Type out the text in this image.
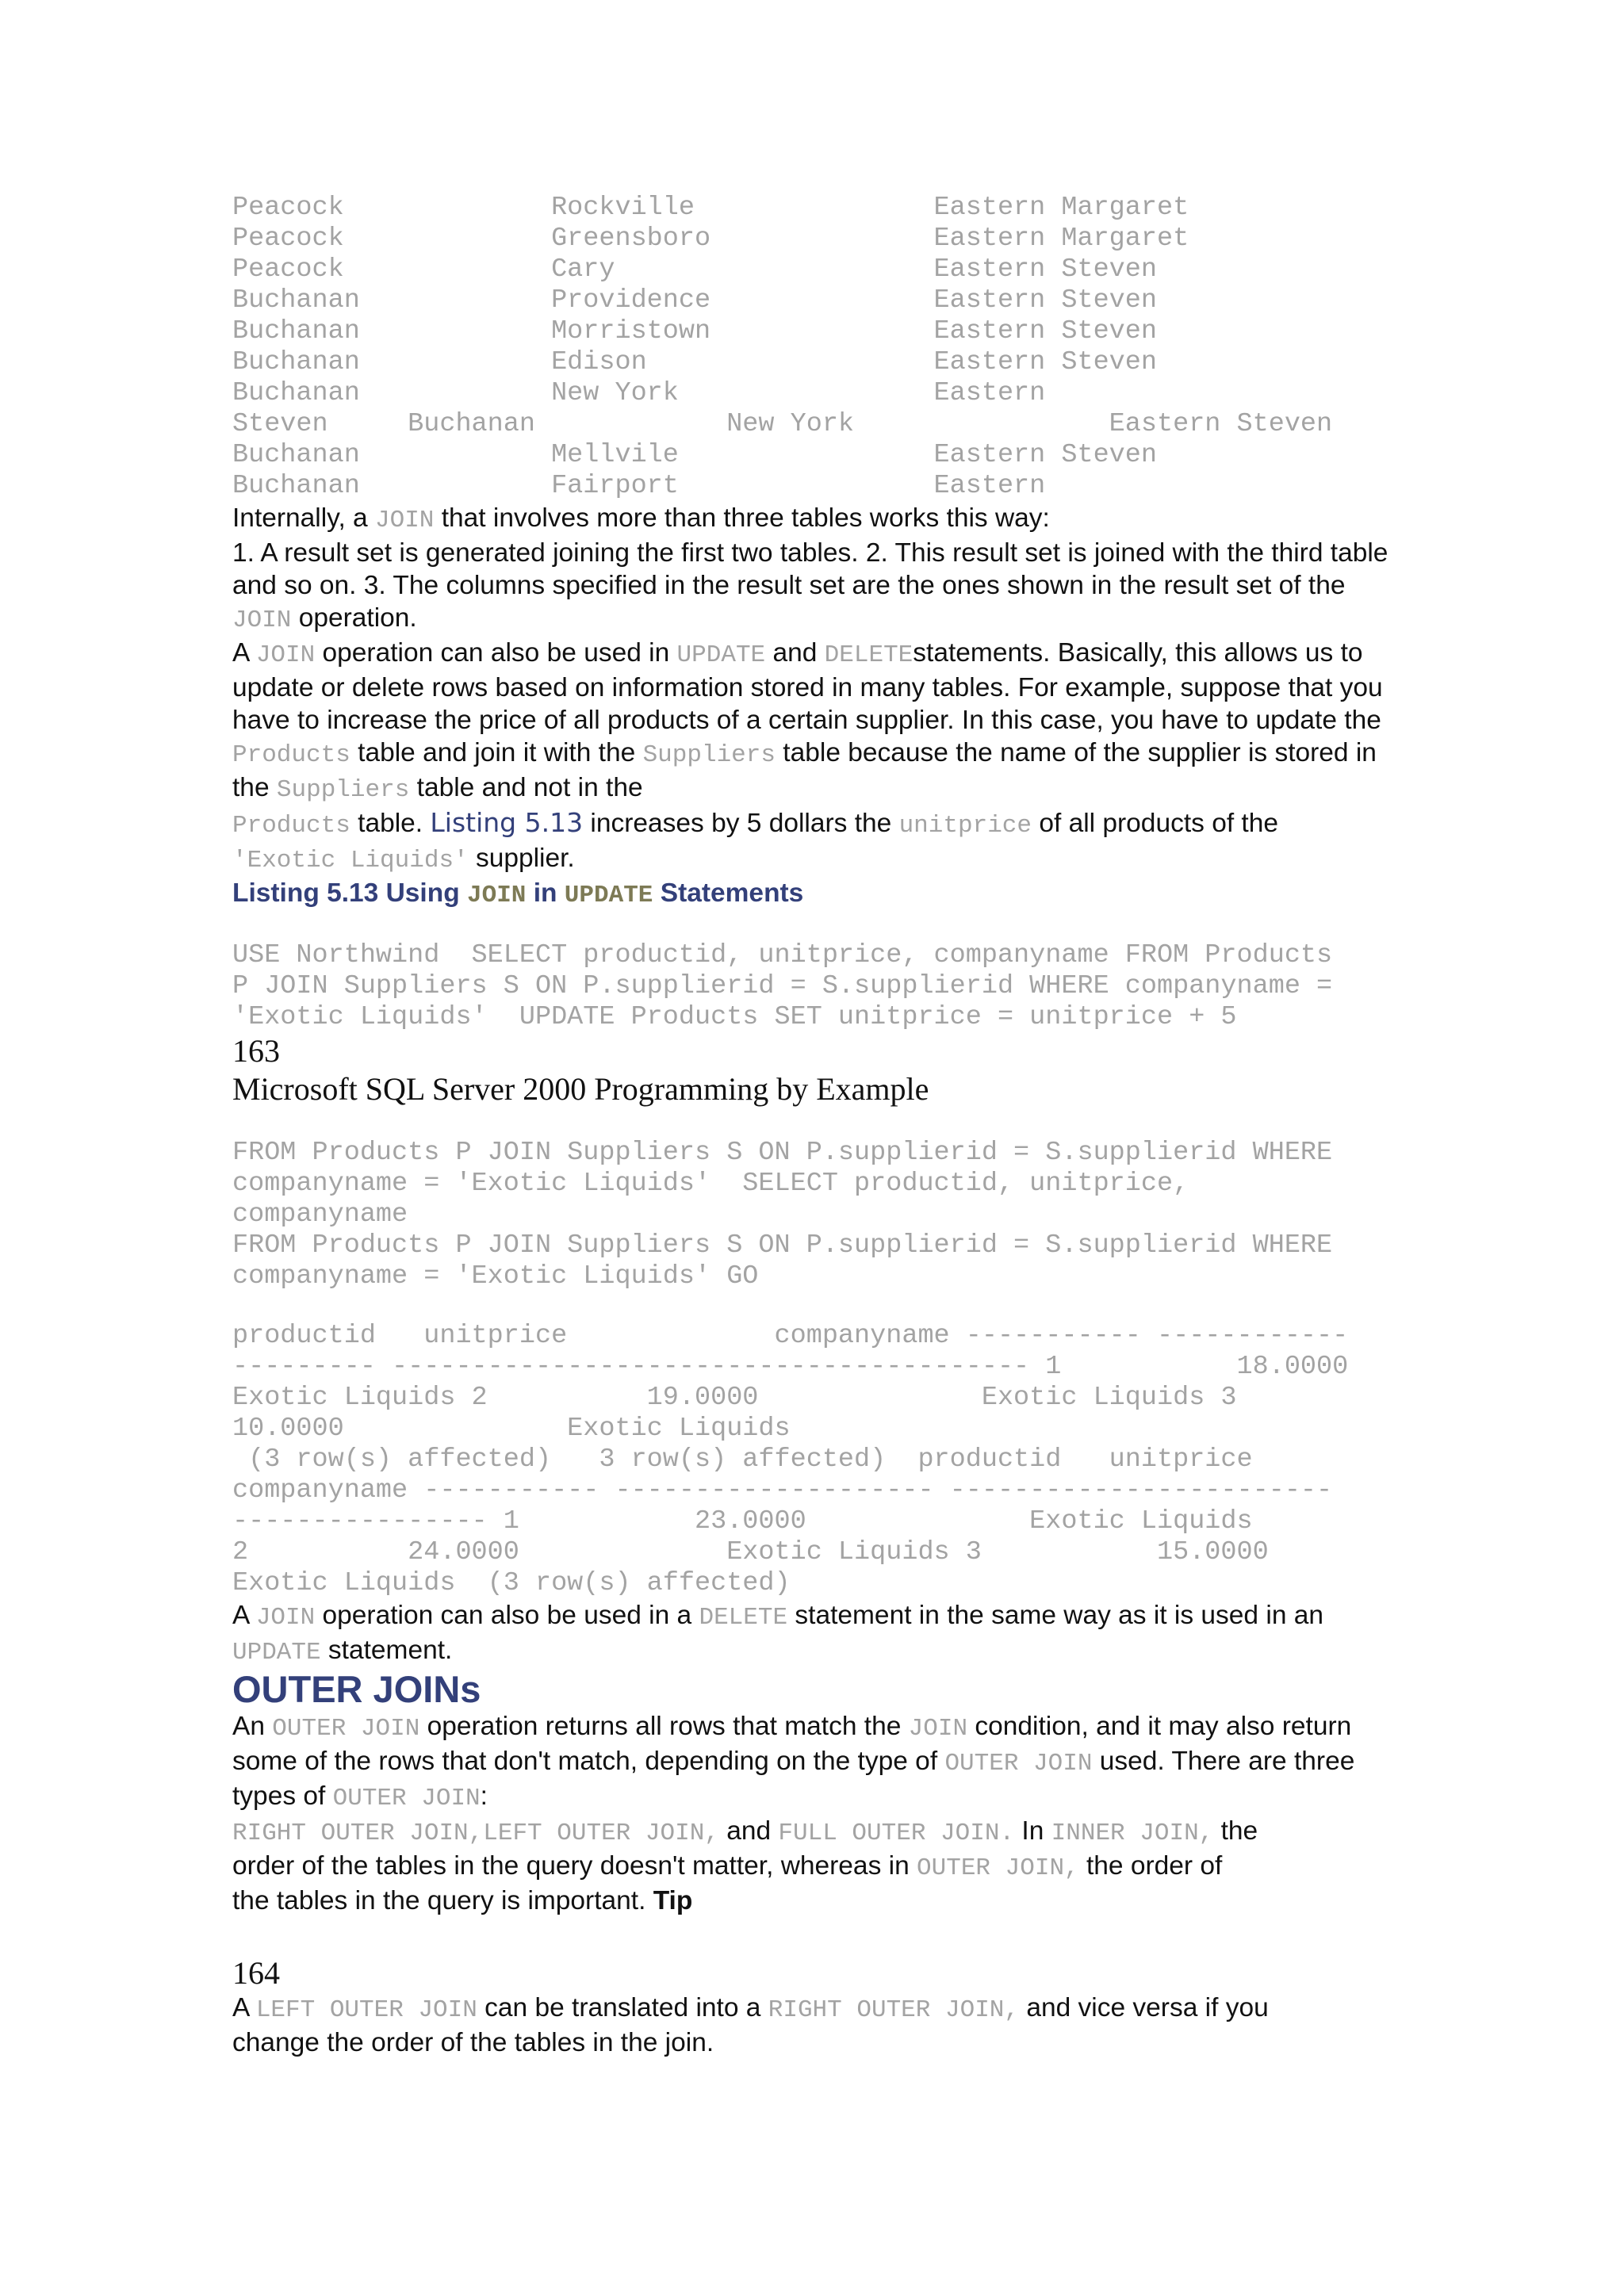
Peacock             Rockville               Eastern Margaret
Peacock             Greensboro              Eastern Margaret
Peacock             Cary                    Eastern Steven
Buchanan            Providence              Eastern Steven
Buchanan            Morristown              Eastern Steven
Buchanan            Edison                  Eastern Steven
Buchanan            New York                Eastern
Steven     Buchanan            New York                Eastern Steven
Buchanan            Mellvile                Eastern Steven
Buchanan            Fairport                Eastern

Internally, a JOIN that involves more than three tables works this way:

1. A result set is generated joining the first two tables. 2. This result set is joined with the third table and so on. 3. The columns specified in the result set are the ones shown in the result set of the JOIN operation.

A JOIN operation can also be used in UPDATE and DELETEstatements. Basically, this allows us to update or delete rows based on information stored in many tables. For example, suppose that you have to increase the price of all products of a certain supplier. In this case, you have to update the Products table and join it with the Suppliers table because the name of the supplier is stored in the Suppliers table and not in the

Products table. Listing 5.13 increases by 5 dollars the unitprice of all products of the
'Exotic Liquids' supplier.

Listing 5.13 Using JOIN in UPDATE Statements

USE Northwind  SELECT productid, unitprice, companyname FROM Products
P JOIN Suppliers S ON P.supplierid = S.supplierid WHERE companyname =
'Exotic Liquids'  UPDATE Products SET unitprice = unitprice + 5

163

Microsoft SQL Server 2000 Programming by Example

FROM Products P JOIN Suppliers S ON P.supplierid = S.supplierid WHERE
companyname = 'Exotic Liquids'  SELECT productid, unitprice,
companyname
FROM Products P JOIN Suppliers S ON P.supplierid = S.supplierid WHERE
companyname = 'Exotic Liquids' GO
productid   unitprice             companyname ----------- ------------
--------- ---------------------------------------- 1           18.0000
Exotic Liquids 2          19.0000              Exotic Liquids 3
10.0000              Exotic Liquids
(3 row(s) affected)   3 row(s) affected)  productid   unitprice
companyname ----------- -------------------- ------------------------
---------------- 1           23.0000              Exotic Liquids
2          24.0000             Exotic Liquids 3           15.0000
Exotic Liquids  (3 row(s) affected)

A JOIN operation can also be used in a DELETE statement in the same way as it is used in an
UPDATE statement.

OUTER JOINs

An OUTER JOIN operation returns all rows that match the JOIN condition, and it may also return some of the rows that don't match, depending on the type of OUTER JOIN used. There are three types of OUTER JOIN:

RIGHT OUTER JOIN,LEFT OUTER JOIN, and FULL OUTER JOIN. In INNER JOIN, the
order of the tables in the query doesn't matter, whereas in OUTER JOIN, the order of
the tables in the query is important. Tip

164

A LEFT OUTER JOIN can be translated into a RIGHT OUTER JOIN, and vice versa if you
change the order of the tables in the join.
